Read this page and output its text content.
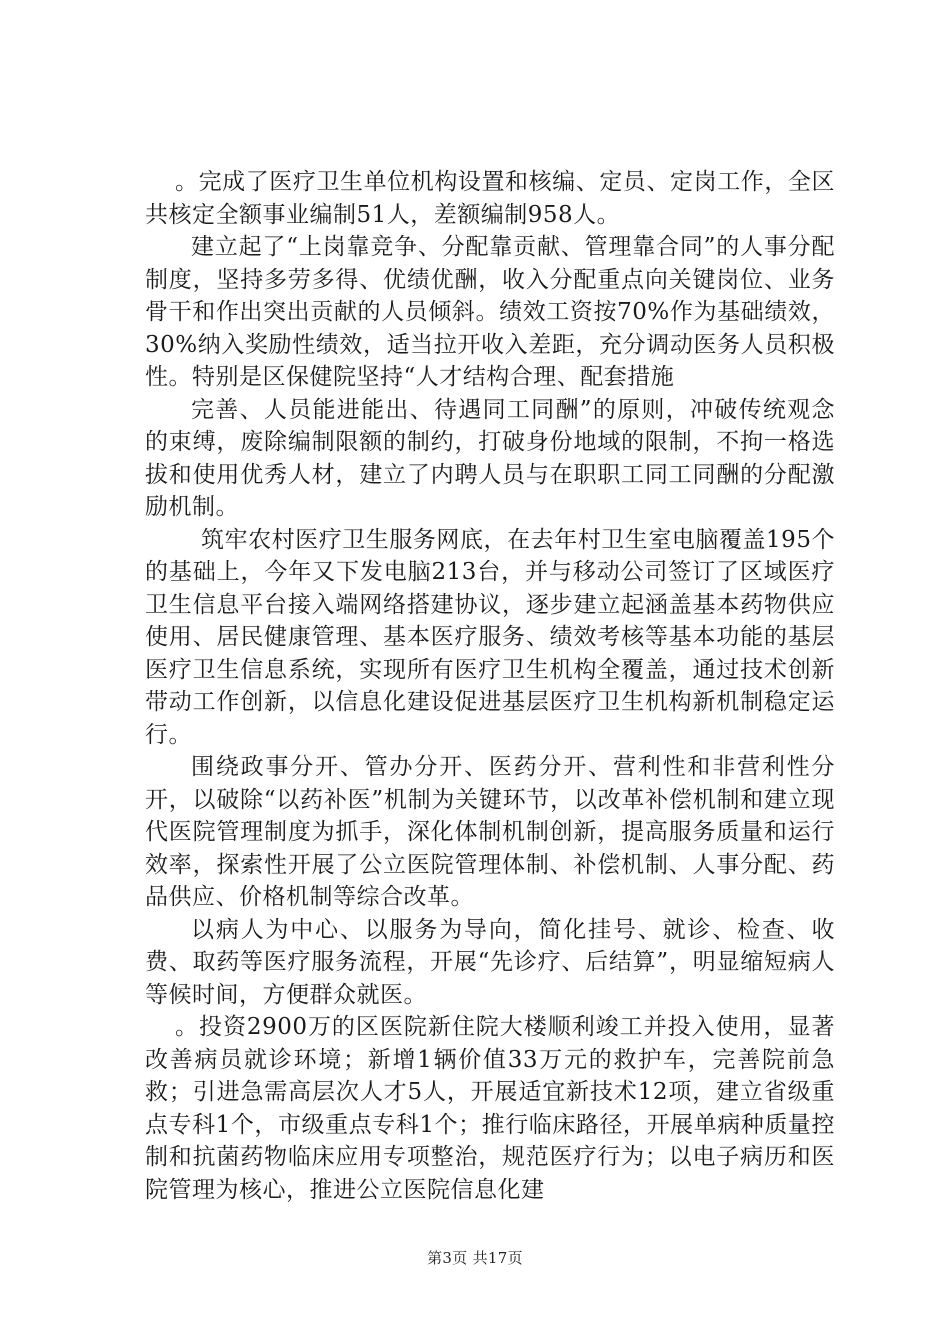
。完成了医疗卫生单位机构设置和核编、定员、定岗工作，全区共核定全额事业编制51人，差额编制958人。

建立起了“上岗靠竞争、分配靠贡献、管理靠合同”的人事分配制度，坚持多劳多得、优绩优酬，收入分配重点向关键岗位、业务骨干和作出突出贡献的人员倾斜。绩效工资按70%作为基础绩效，30%纳入奖励性绩效，适当拉开收入差距，充分调动医务人员积极性。特别是区保健院坚持“人才结构合理、配套措施

完善、人员能进能出、待遇同工同酬”的原则，冲破传统观念的束缚，废除编制限额的制约，打破身份地域的限制，不拘一格选拔和使用优秀人材，建立了内聘人员与在职职工同工同酬的分配激励机制。

筑牢农村医疗卫生服务网底，在去年村卫生室电脑覆盖195个的基础上，今年又下发电脑213台，并与移动公司签订了区域医疗卫生信息平台接入端网络搭建协议，逐步建立起涵盖基本药物供应使用、居民健康管理、基本医疗服务、绩效考核等基本功能的基层医疗卫生信息系统，实现所有医疗卫生机构全覆盖，通过技术创新带动工作创新，以信息化建设促进基层医疗卫生机构新机制稳定运行。

围绕政事分开、管办分开、医药分开、营利性和非营利性分开，以破除“以药补医”机制为关键环节，以改革补偿机制和建立现代医院管理制度为抓手，深化体制机制创新，提高服务质量和运行效率，探索性开展了公立医院管理体制、补偿机制、人事分配、药品供应、价格机制等综合改革。

以病人为中心、以服务为导向，简化挂号、就诊、检查、收费、取药等医疗服务流程，开展“先诊疗、后结算”，明显缩短病人等候时间，方便群众就医。

。投资2900万的区医院新住院大楼顺利竣工并投入使用，显著改善病员就诊环境；新增1辆价值33万元的救护车，完善院前急救；引进急需高层次人才5人，开展适宜新技术12项，建立省级重点专科1个，市级重点专科1个；推行临床路径，开展单病种质量控制和抗菌药物临床应用专项整治，规范医疗行为；以电子病历和医院管理为核心，推进公立医院信息化建

第3页 共17页
